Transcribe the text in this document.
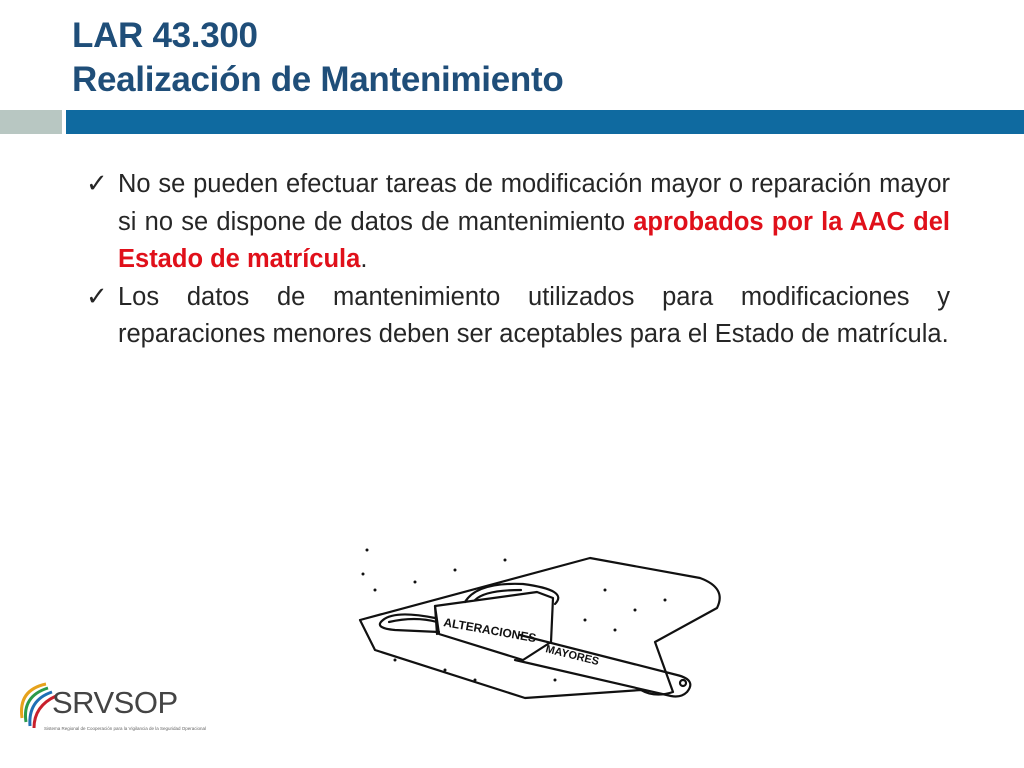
LAR 43.300
Realización de Mantenimiento
✓ No se pueden efectuar tareas de modificación mayor o reparación mayor si no se dispone de datos de mantenimiento aprobados por la AAC del Estado de matrícula.
✓ Los datos de mantenimiento utilizados para modificaciones y reparaciones menores deben ser aceptables para el Estado de matrícula.
ALTERACIONES
MAYORES
SRVSOP
Sistema Regional de Cooperación para la Vigilancia de la Seguridad Operacional
